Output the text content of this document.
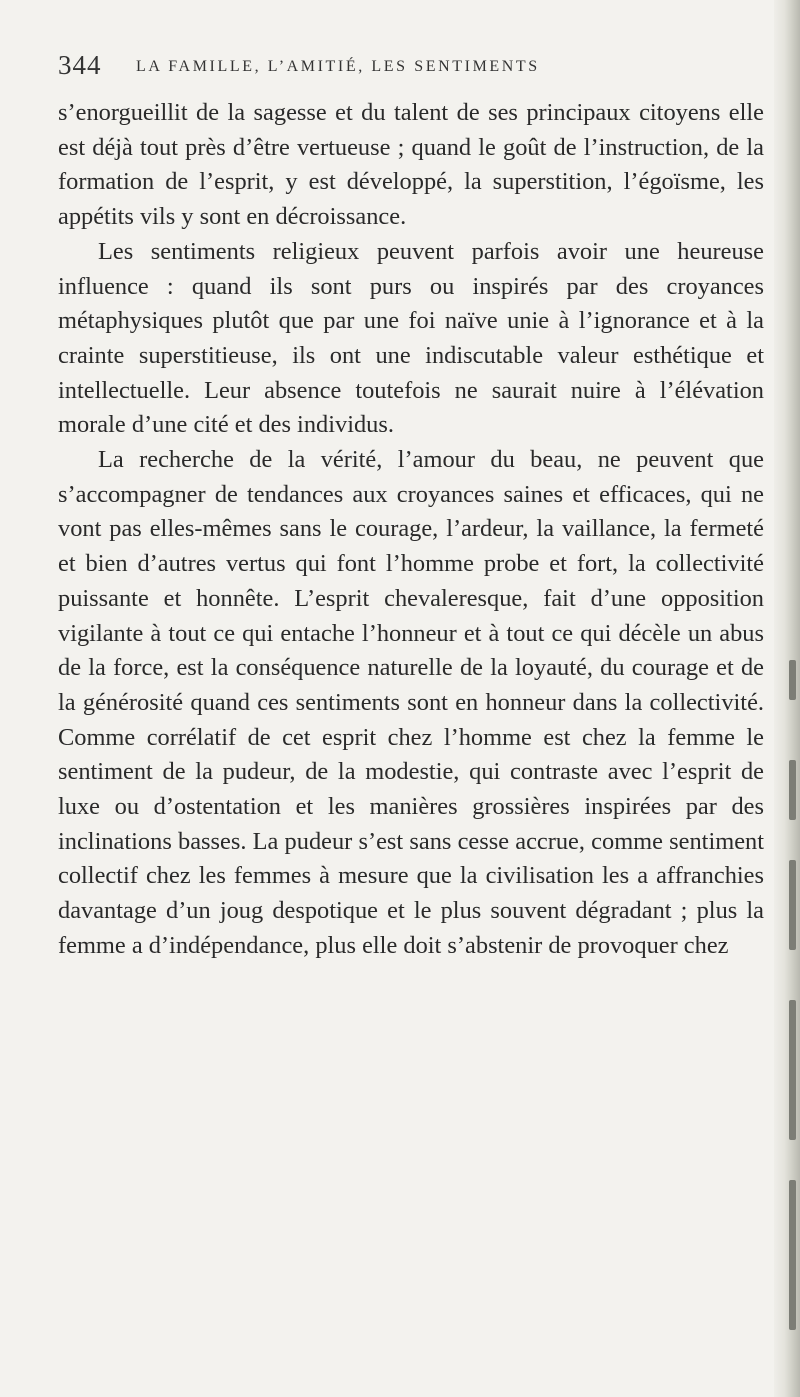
344 LA FAMILLE, L’AMITIÉ, LES SENTIMENTS

s’enorgueillit de la sagesse et du talent de ses principaux citoyens elle est déjà tout près d’être vertueuse ; quand le goût de l’instruction, de la formation de l’esprit, y est développé, la superstition, l’égoïsme, les appétits vils y sont en décroissance.

Les sentiments religieux peuvent parfois avoir une heureuse influence : quand ils sont purs ou inspirés par des croyances métaphysiques plutôt que par une foi naïve unie à l’ignorance et à la crainte superstitieuse, ils ont une indiscutable valeur esthétique et intellectuelle. Leur absence toutefois ne saurait nuire à l’élévation morale d’une cité et des individus.

La recherche de la vérité, l’amour du beau, ne peuvent que s’accompagner de tendances aux croyances saines et efficaces, qui ne vont pas elles-mêmes sans le courage, l’ardeur, la vaillance, la fermeté et bien d’autres vertus qui font l’homme probe et fort, la collectivité puissante et honnête. L’esprit chevaleresque, fait d’une opposition vigilante à tout ce qui entache l’honneur et à tout ce qui décèle un abus de la force, est la conséquence naturelle de la loyauté, du courage et de la générosité quand ces sentiments sont en honneur dans la collectivité. Comme corrélatif de cet esprit chez l’homme est chez la femme le sentiment de la pudeur, de la modestie, qui contraste avec l’esprit de luxe ou d’ostentation et les manières grossières inspirées par des inclinations basses. La pudeur s’est sans cesse accrue, comme sentiment collectif chez les femmes à mesure que la civilisation les a affranchies davantage d’un joug despotique et le plus souvent dégradant ; plus la femme a d’indépendance, plus elle doit s’abstenir de provoquer chez
